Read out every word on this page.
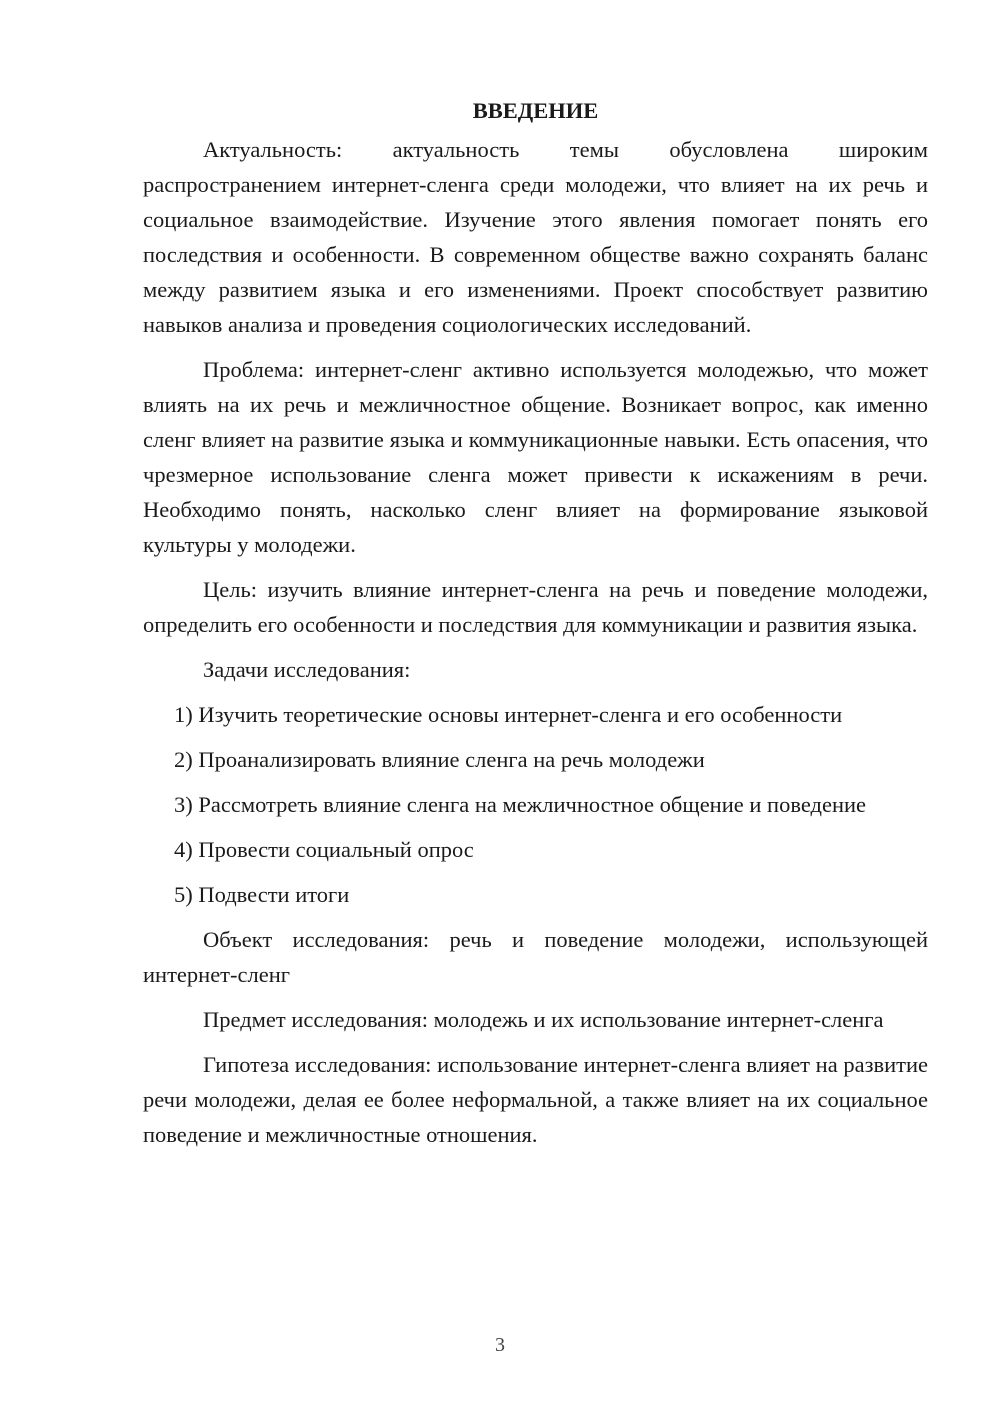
ВВЕДЕНИЕ

Актуальность: актуальность темы обусловлена широким распространением интернет-сленга среди молодежи, что влияет на их речь и социальное взаимодействие. Изучение этого явления помогает понять его последствия и особенности. В современном обществе важно сохранять баланс между развитием языка и его изменениями. Проект способствует развитию навыков анализа и проведения социологических исследований.

Проблема: интернет-сленг активно используется молодежью, что может влиять на их речь и межличностное общение. Возникает вопрос, как именно сленг влияет на развитие языка и коммуникационные навыки. Есть опасения, что чрезмерное использование сленга может привести к искажениям в речи. Необходимо понять, насколько сленг влияет на формирование языковой культуры у молодежи.

Цель: изучить влияние интернет-сленга на речь и поведение молодежи, определить его особенности и последствия для коммуникации и развития языка.

Задачи исследования:

1) Изучить теоретические основы интернет-сленга и его особенности

2) Проанализировать влияние сленга на речь молодежи

3) Рассмотреть влияние сленга на межличностное общение и поведение

4) Провести социальный опрос

5) Подвести итоги

Объект исследования: речь и поведение молодежи, использующей интернет-сленг

Предмет исследования: молодежь и их использование интернет-сленга

Гипотеза исследования: использование интернет-сленга влияет на развитие речи молодежи, делая ее более неформальной, а также влияет на их социальное поведение и межличностные отношения.

3
